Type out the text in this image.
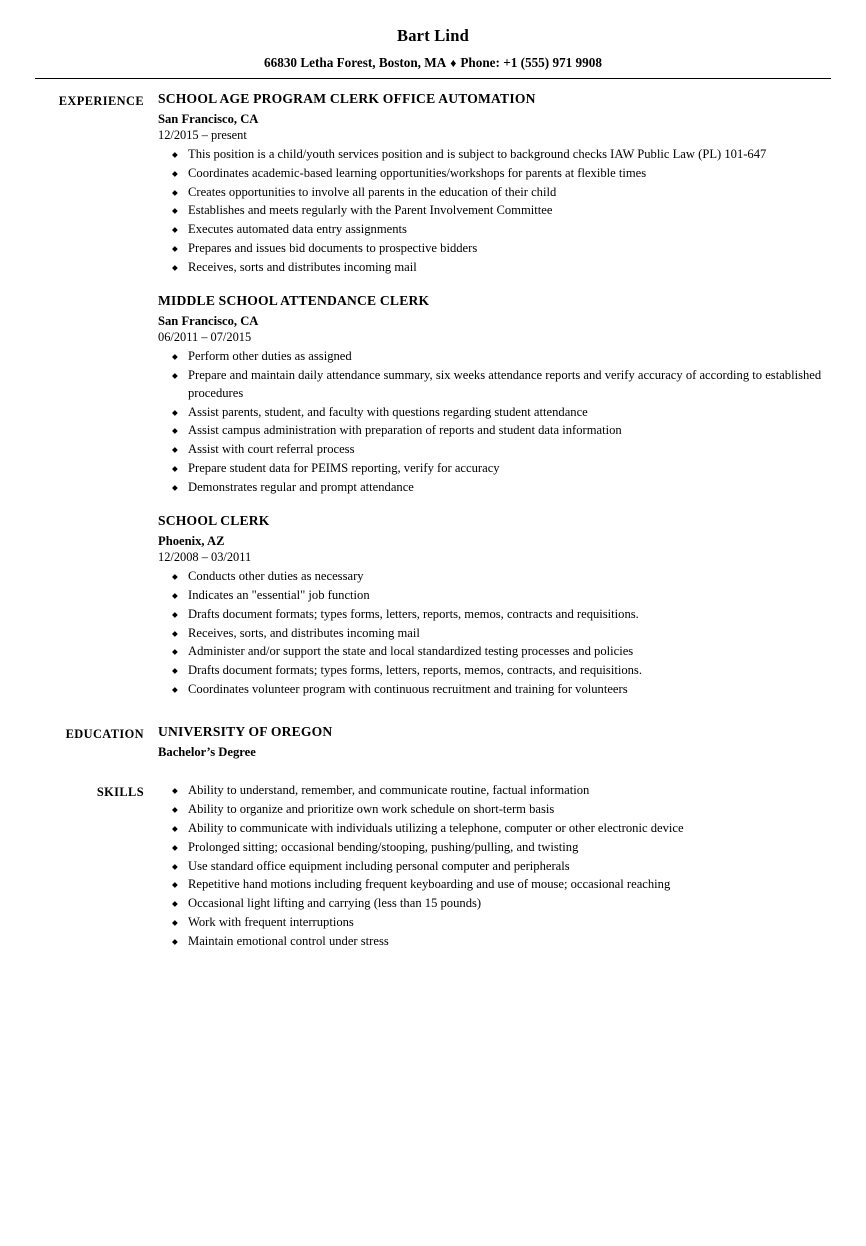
Bart Lind
66830 Letha Forest, Boston, MA ♦ Phone: +1 (555) 971 9908
EXPERIENCE	SCHOOL AGE PROGRAM CLERK OFFICE AUTOMATION
San Francisco, CA
12/2015 – present
◆ This position is a child/youth services position and is subject to background checks IAW Public Law (PL) 101-647
◆ Coordinates academic-based learning opportunities/workshops for parents at flexible times
◆ Creates opportunities to involve all parents in the education of their child
◆ Establishes and meets regularly with the Parent Involvement Committee
◆ Executes automated data entry assignments
◆ Prepares and issues bid documents to prospective bidders
◆ Receives, sorts and distributes incoming mail
MIDDLE SCHOOL ATTENDANCE CLERK
San Francisco, CA
06/2011 – 07/2015
◆ Perform other duties as assigned
◆ Prepare and maintain daily attendance summary, six weeks attendance reports and verify accuracy of according to established procedures
◆ Assist parents, student, and faculty with questions regarding student attendance
◆ Assist campus administration with preparation of reports and student data information
◆ Assist with court referral process
◆ Prepare student data for PEIMS reporting, verify for accuracy
◆ Demonstrates regular and prompt attendance
SCHOOL CLERK
Phoenix, AZ
12/2008 – 03/2011
◆ Conducts other duties as necessary
◆ Indicates an "essential" job function
◆ Drafts document formats; types forms, letters, reports, memos, contracts and requisitions.
◆ Receives, sorts, and distributes incoming mail
◆ Administer and/or support the state and local standardized testing processes and policies
◆ Drafts document formats; types forms, letters, reports, memos, contracts, and requisitions.
◆ Coordinates volunteer program with continuous recruitment and training for volunteers
EDUCATION	UNIVERSITY OF OREGON
Bachelor’s Degree
SKILLS	◆ Ability to understand, remember, and communicate routine, factual information
◆ Ability to organize and prioritize own work schedule on short-term basis
◆ Ability to communicate with individuals utilizing a telephone, computer or other electronic device
◆ Prolonged sitting; occasional bending/stooping, pushing/pulling, and twisting
◆ Use standard office equipment including personal computer and peripherals
◆ Repetitive hand motions including frequent keyboarding and use of mouse; occasional reaching
◆ Occasional light lifting and carrying (less than 15 pounds)
◆ Work with frequent interruptions
◆ Maintain emotional control under stress
